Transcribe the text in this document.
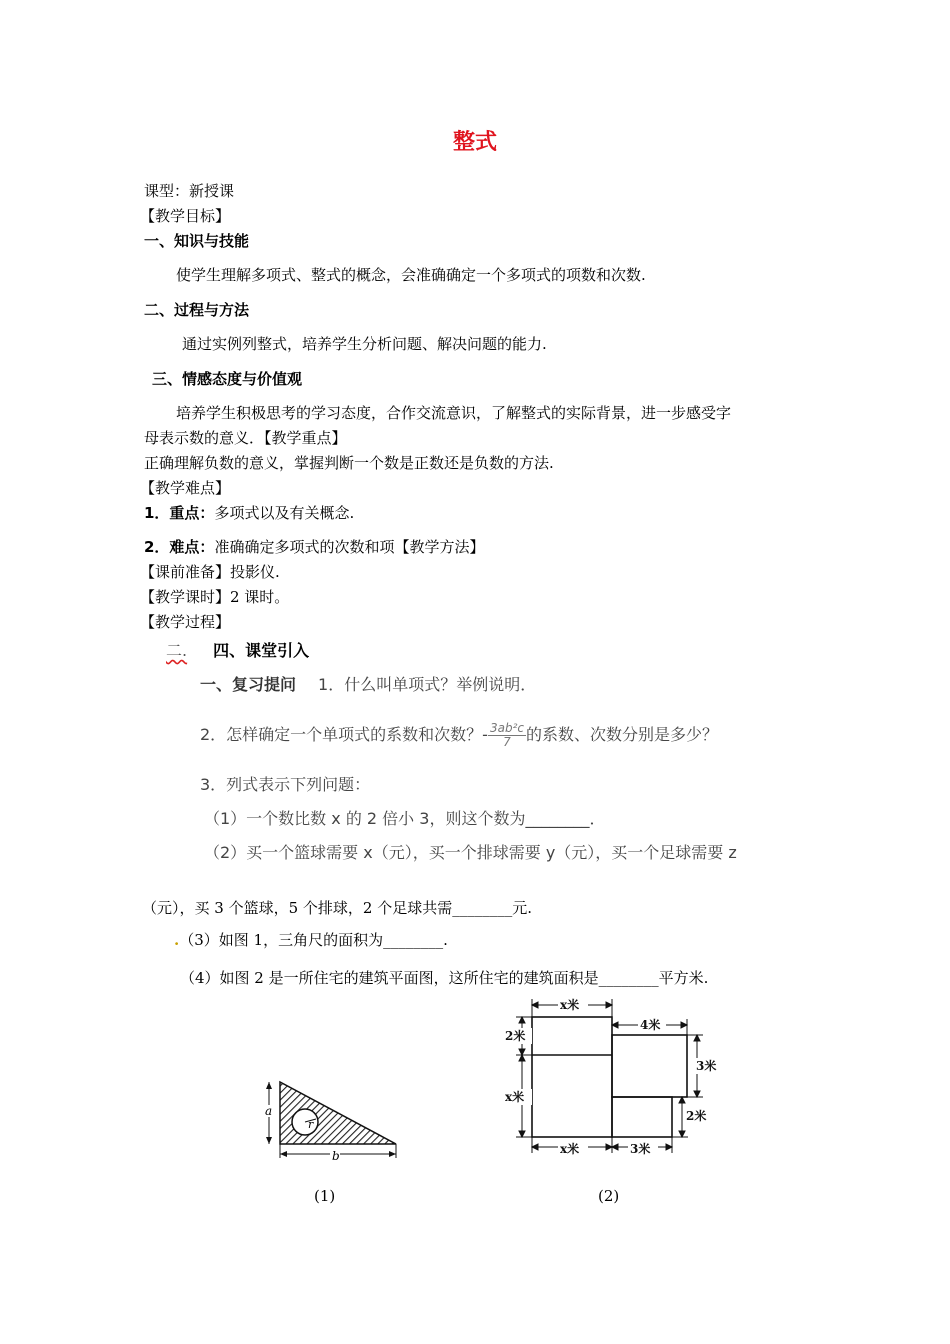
整式
课型：新授课
【教学目标】
一、知识与技能
使学生理解多项式、整式的概念，会准确确定一个多项式的项数和次数.
二、过程与方法
通过实例列整式，培养学生分析问题、解决问题的能力.
三、情感态度与价值观
培养学生积极思考的学习态度，合作交流意识，了解整式的实际背景，进一步感受字
母表示数的意义．【教学重点】
正确理解负数的意义，掌握判断一个数是正数还是负数的方法.
【教学难点】
1．重点：多项式以及有关概念.
2．难点：准确确定多项式的次数和项【教学方法】
【课前准备】投影仪.
【教学课时】2 课时。
【教学过程】
二. 四、课堂引入
一、复习提问 1．什么叫单项式？举例说明．
2．怎样确定一个单项式的系数和次数？- $\frac{\text{3ab²c}}{7}$ 的系数、次数分别是多少？
3．列式表示下列问题：
（1）一个数比数 x 的 2 倍小 3，则这个数为________．
（2）买一个篮球需要 x（元），买一个排球需要 y（元），买一个足球需要 z
（元），买 3 个篮球，5 个排球，2 个足球共需________元.
.（3）如图 1，三角尺的面积为________.
（4）如图 2 是一所住宅的建筑平面图，这所住宅的建筑面积是________平方米.
r
a
b
(1)
x米
4米
2米
x米
x米	3米
3米
2米
(2)
